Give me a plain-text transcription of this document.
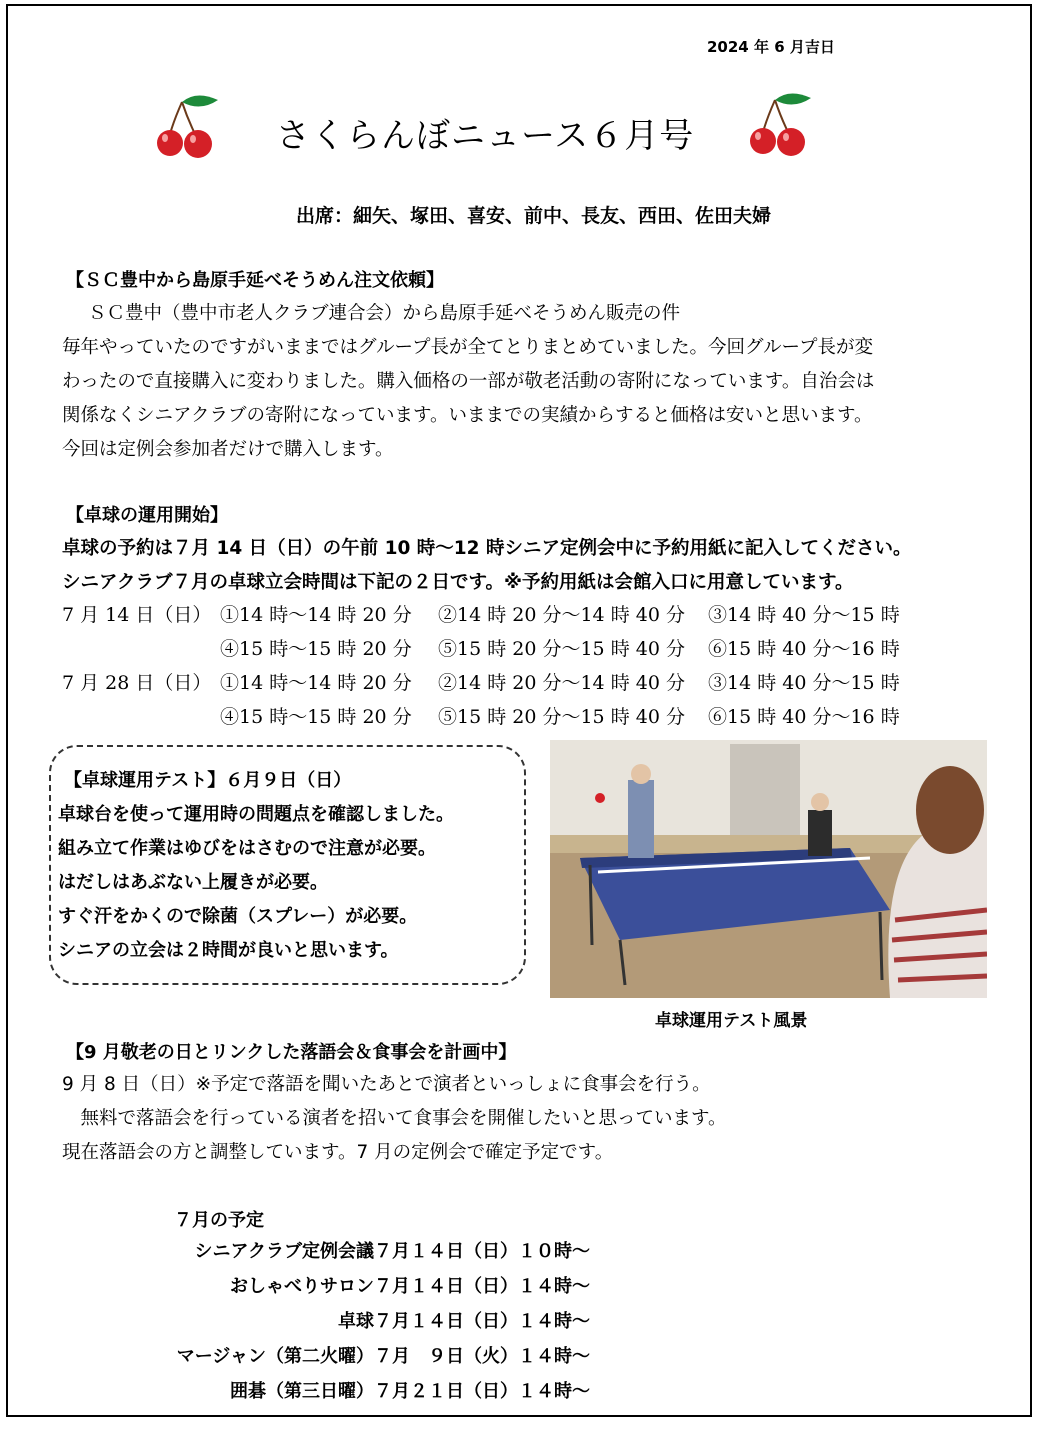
2024 年 6 月吉日
さくらんぼニュース６月号
出席：細矢、塚田、喜安、前中、長友、西田、佐田夫婦
【ＳＣ豊中から島原手延べそうめん注文依頼】
ＳＣ豊中（豊中市老人クラブ連合会）から島原手延べそうめん販売の件
毎年やっていたのですがいままではグループ長が全てとりまとめていました。今回グループ長が変
わったので直接購入に変わりました。購入価格の一部が敬老活動の寄附になっています。自治会は
関係なくシニアクラブの寄附になっています。いままでの実績からすると価格は安いと思います。
今回は定例会参加者だけで購入します。
【卓球の運用開始】
卓球の予約は７月 14 日（日）の午前 10 時～12 時シニア定例会中に予約用紙に記入してください。
シニアクラブ７月の卓球立会時間は下記の２日です。※予約用紙は会館入口に用意しています。
7 月 14 日（日） ①14 時～14 時 20 分 ②14 時 20 分～14 時 40 分 ③14 時 40 分～15 時
④15 時～15 時 20 分 ⑤15 時 20 分～15 時 40 分 ⑥15 時 40 分～16 時
7 月 28 日（日） ①14 時～14 時 20 分 ②14 時 20 分～14 時 40 分 ③14 時 40 分～15 時
④15 時～15 時 20 分 ⑤15 時 20 分～15 時 40 分 ⑥15 時 40 分～16 時
【卓球運用テスト】６月９日（日）
卓球台を使って運用時の問題点を確認しました。
組み立て作業はゆびをはさむので注意が必要。
はだしはあぶない上履きが必要。
すぐ汗をかくので除菌（スプレー）が必要。
シニアの立会は２時間が良いと思います。
卓球運用テスト風景
【9 月敬老の日とリンクした落語会＆食事会を計画中】
9 月 8 日（日）※予定で落語を聞いたあとで演者といっしょに食事会を行う。
　無料で落語会を行っている演者を招いて食事会を開催したいと思っています。
現在落語会の方と調整しています。7 月の定例会で確定予定です。
７月の予定
シニアクラブ定例会議７月１４日（日）１０時～
おしゃべりサロン７月１４日（日）１４時～
卓球７月１４日（日）１４時～
マージャン（第二火曜）７月　９日（火）１４時～
囲碁（第三日曜）７月２１日（日）１４時～
